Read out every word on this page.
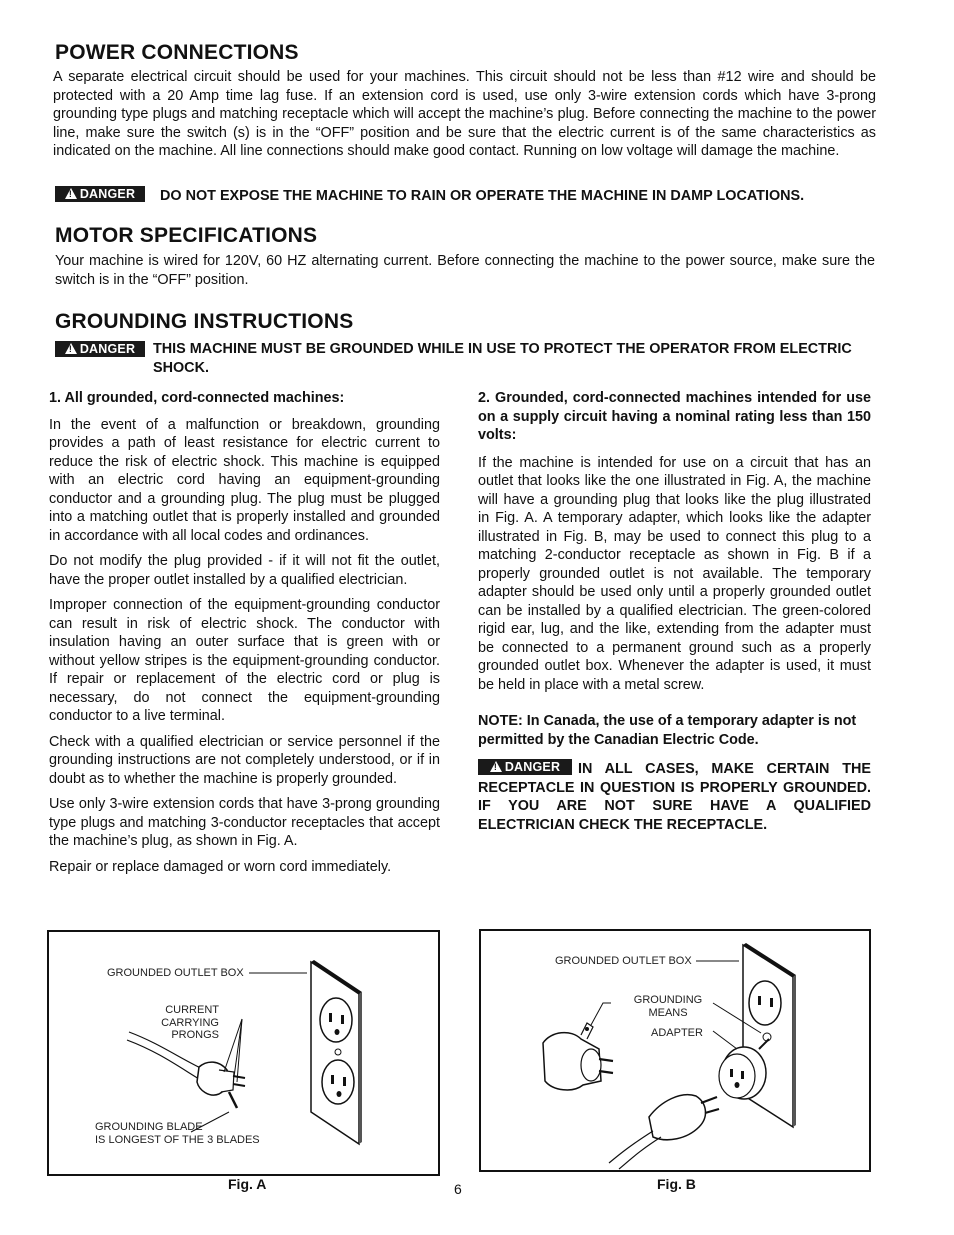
POWER CONNECTIONS

A separate electrical circuit should be used for your machines. This circuit should not be less than #12 wire and should be protected with a 20 Amp time lag fuse. If an extension cord is used, use only 3-wire extension cords which have 3-prong grounding type plugs and matching receptacle which will accept the machine’s plug. Before connecting the machine to the power line, make sure the switch (s) is in the “OFF” position and be sure that the electric current is of the same characteristics as indicated on the machine. All line connections should make good contact. Running on low voltage will damage the machine.

!
DANGER DO NOT EXPOSE THE MACHINE TO RAIN OR OPERATE THE MACHINE IN DAMP LOCATIONS.

MOTOR SPECIFICATIONS

Your machine is wired for 120V, 60 HZ alternating current. Before connecting the machine to the power source, make sure the switch is in the “OFF” position.

GROUNDING INSTRUCTIONS
!
DANGER THIS MACHINE MUST BE GROUNDED WHILE IN USE TO PROTECT THE OPERATOR FROM ELECTRIC SHOCK.

1. All grounded, cord-connected machines:

In the event of a malfunction or breakdown, grounding provides a path of least resistance for electric current to reduce the risk of electric shock. This machine is equipped with an electric cord having an equipment-grounding conductor and a grounding plug. The plug must be plugged into a matching outlet that is properly installed and grounded in accordance with all local codes and ordinances.

Do not modify the plug provided - if it will not fit the outlet, have the proper outlet installed by a qualified electrician.

Improper connection of the equipment-grounding conductor can result in risk of electric shock. The conductor with insulation having an outer surface that is green with or without yellow stripes is the equipment-grounding conductor. If repair or replacement of the electric cord or plug is necessary, do not connect the equipment-grounding conductor to a live terminal.

Check with a qualified electrician or service personnel if the grounding instructions are not completely understood, or if in doubt as to whether the machine is properly grounded.

Use only 3-wire extension cords that have 3-prong grounding type plugs and matching 3-conductor receptacles that accept the machine’s plug, as shown in Fig. A.

Repair or replace damaged or worn cord immediately.

2. Grounded, cord-connected machines intended for use on a supply circuit having a nominal rating less than 150 volts:

If the machine is intended for use on a circuit that has an outlet that looks like the one illustrated in Fig. A, the machine will have a grounding plug that looks like the plug illustrated in Fig. A. A temporary adapter, which looks like the adapter illustrated in Fig. B, may be used to connect this plug to a matching 2-conductor receptacle as shown in Fig. B if a properly grounded outlet is not available. The temporary adapter should be used only until a properly grounded outlet can be installed by a qualified electrician. The green-colored rigid ear, lug, and the like, extending from the adapter must be connected to a permanent ground such as a properly grounded outlet box. Whenever the adapter is used, it must be held in place with a metal screw.

NOTE: In Canada, the use of a temporary adapter is not permitted by the Canadian Electric Code.

!
DANGER IN ALL CASES, MAKE CERTAIN THE RECEPTACLE IN QUESTION IS PROPERLY GROUNDED. IF YOU ARE NOT SURE HAVE A QUALIFIED ELECTRICIAN CHECK THE RECEPTACLE.

GROUNDED OUTLET BOX
CURRENT
CARRYING
PRONGS
GROUNDING BLADE
IS LONGEST OF THE 3 BLADES
Fig. A
GROUNDED OUTLET BOX
GROUNDING
MEANS
ADAPTER
Fig. B
6
